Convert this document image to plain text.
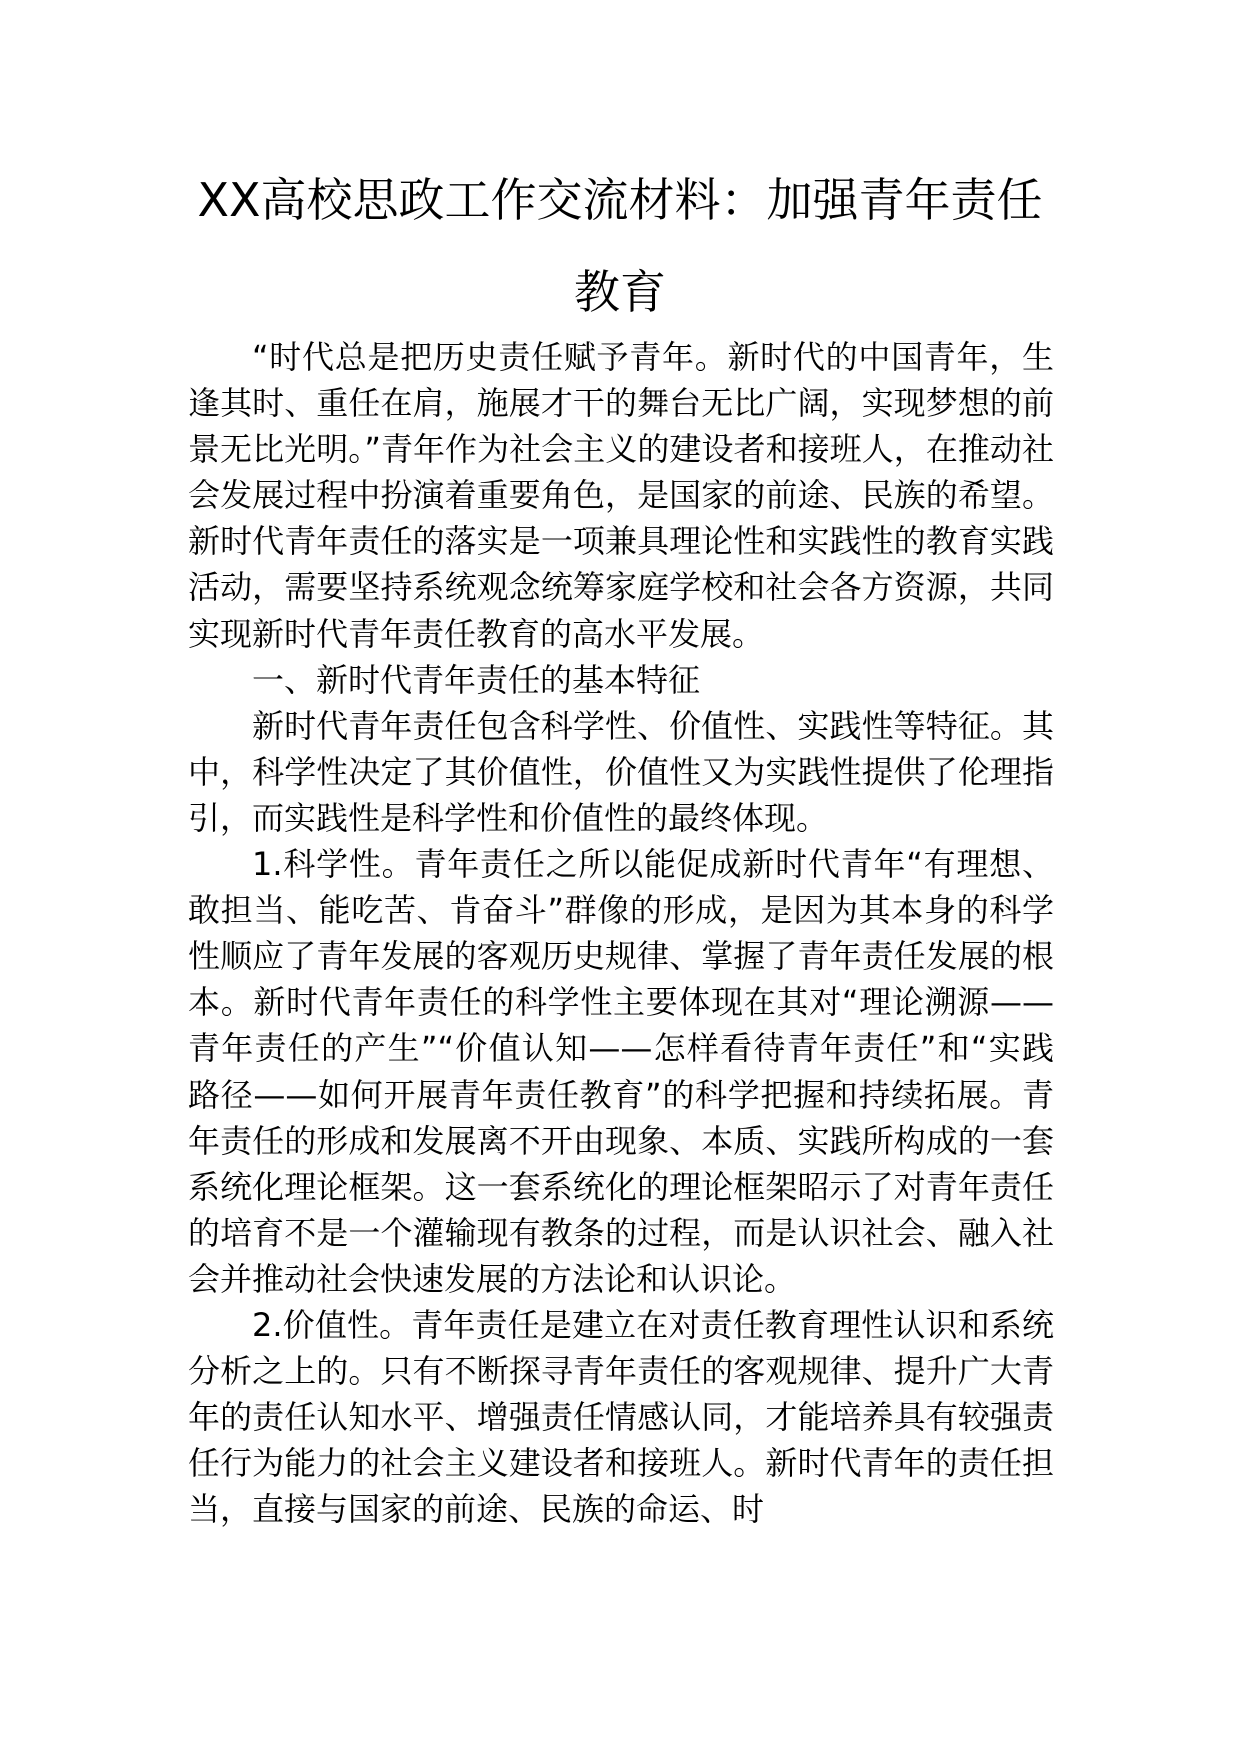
XX高校思政工作交流材料：加强青年责任
教育

“时代总是把历史责任赋予青年。新时代的中国青年，生逢其时、重任在肩，施展才干的舞台无比广阔，实现梦想的前景无比光明。”青年作为社会主义的建设者和接班人，在推动社会发展过程中扮演着重要角色，是国家的前途、民族的希望。新时代青年责任的落实是一项兼具理论性和实践性的教育实践活动，需要坚持系统观念统筹家庭学校和社会各方资源，共同实现新时代青年责任教育的高水平发展。

一、新时代青年责任的基本特征

新时代青年责任包含科学性、价值性、实践性等特征。其中，科学性决定了其价值性，价值性又为实践性提供了伦理指引，而实践性是科学性和价值性的最终体现。

1.科学性。青年责任之所以能促成新时代青年“有理想、敢担当、能吃苦、肯奋斗”群像的形成，是因为其本身的科学性顺应了青年发展的客观历史规律、掌握了青年责任发展的根本。新时代青年责任的科学性主要体现在其对“理论溯源——青年责任的产生”“价值认知——怎样看待青年责任”和“实践路径——如何开展青年责任教育”的科学把握和持续拓展。青年责任的形成和发展离不开由现象、本质、实践所构成的一套系统化理论框架。这一套系统化的理论框架昭示了对青年责任的培育不是一个灌输现有教条的过程，而是认识社会、融入社会并推动社会快速发展的方法论和认识论。

2.价值性。青年责任是建立在对责任教育理性认识和系统分析之上的。只有不断探寻青年责任的客观规律、提升广大青年的责任认知水平、增强责任情感认同，才能培养具有较强责任行为能力的社会主义建设者和接班人。新时代青年的责任担当，直接与国家的前途、民族的命运、时
